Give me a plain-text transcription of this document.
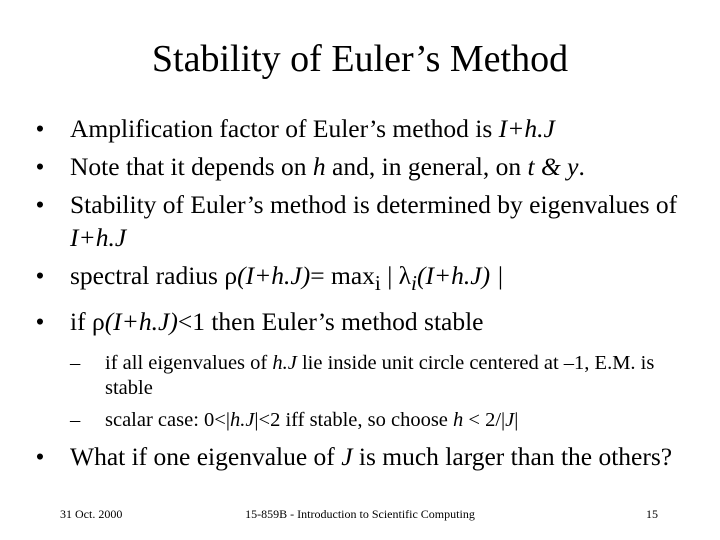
Stability of Euler’s Method
• Amplification factor of Euler’s method is I+h.J
• Note that it depends on h and, in general, on t & y.
• Stability of Euler’s method is determined by eigenvalues of I+h.J
• spectral radius $\rho(I+h.J)= \max_i$ | $\lambda_i(I+h.J)$ |
• if ρ(I+h.J)<1 then Euler’s method stable
– if all eigenvalues of h.J lie inside unit circle centered at –1, E.M. is stable
– scalar case: 0<|h.J|<2 iff stable, so choose h < 2/|J|
• What if one eigenvalue of J is much larger than the others?
31 Oct. 2000	15-859B - Introduction to Scientific Computing	15
